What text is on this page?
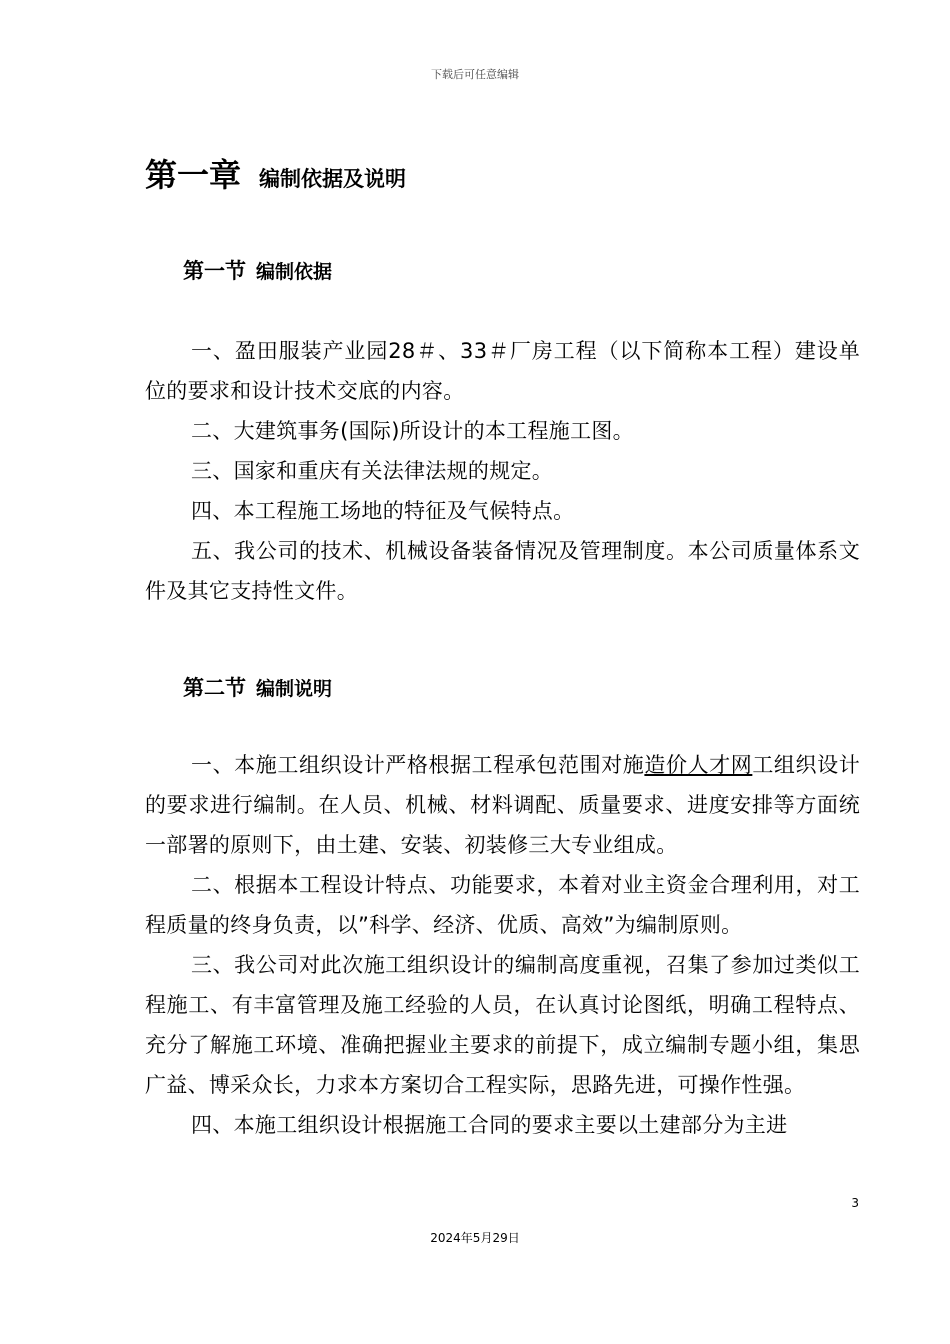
下载后可任意编辑
第一章 编制依据及说明
第一节 编制依据

一、盈田服装产业园28＃、33＃厂房工程（以下简称本工程）建设单位的要求和设计技术交底的内容。

二、大建筑事务(国际)所设计的本工程施工图。

三、国家和重庆有关法律法规的规定。

四、本工程施工场地的特征及气候特点。

五、我公司的技术、机械设备装备情况及管理制度。本公司质量体系文件及其它支持性文件。

第二节 编制说明

一、本施工组织设计严格根据工程承包范围对施造价人才网工组织设计的要求进行编制。在人员、机械、材料调配、质量要求、进度安排等方面统一部署的原则下，由土建、安装、初装修三大专业组成。

二、根据本工程设计特点、功能要求，本着对业主资金合理利用，对工程质量的终身负责，以”科学、经济、优质、高效”为编制原则。

三、我公司对此次施工组织设计的编制高度重视，召集了参加过类似工程施工、有丰富管理及施工经验的人员，在认真讨论图纸，明确工程特点、充分了解施工环境、准确把握业主要求的前提下，成立编制专题小组，集思广益、博采众长，力求本方案切合工程实际，思路先进，可操作性强。

四、本施工组织设计根据施工合同的要求主要以土建部分为主进

3
2024年5月29日
